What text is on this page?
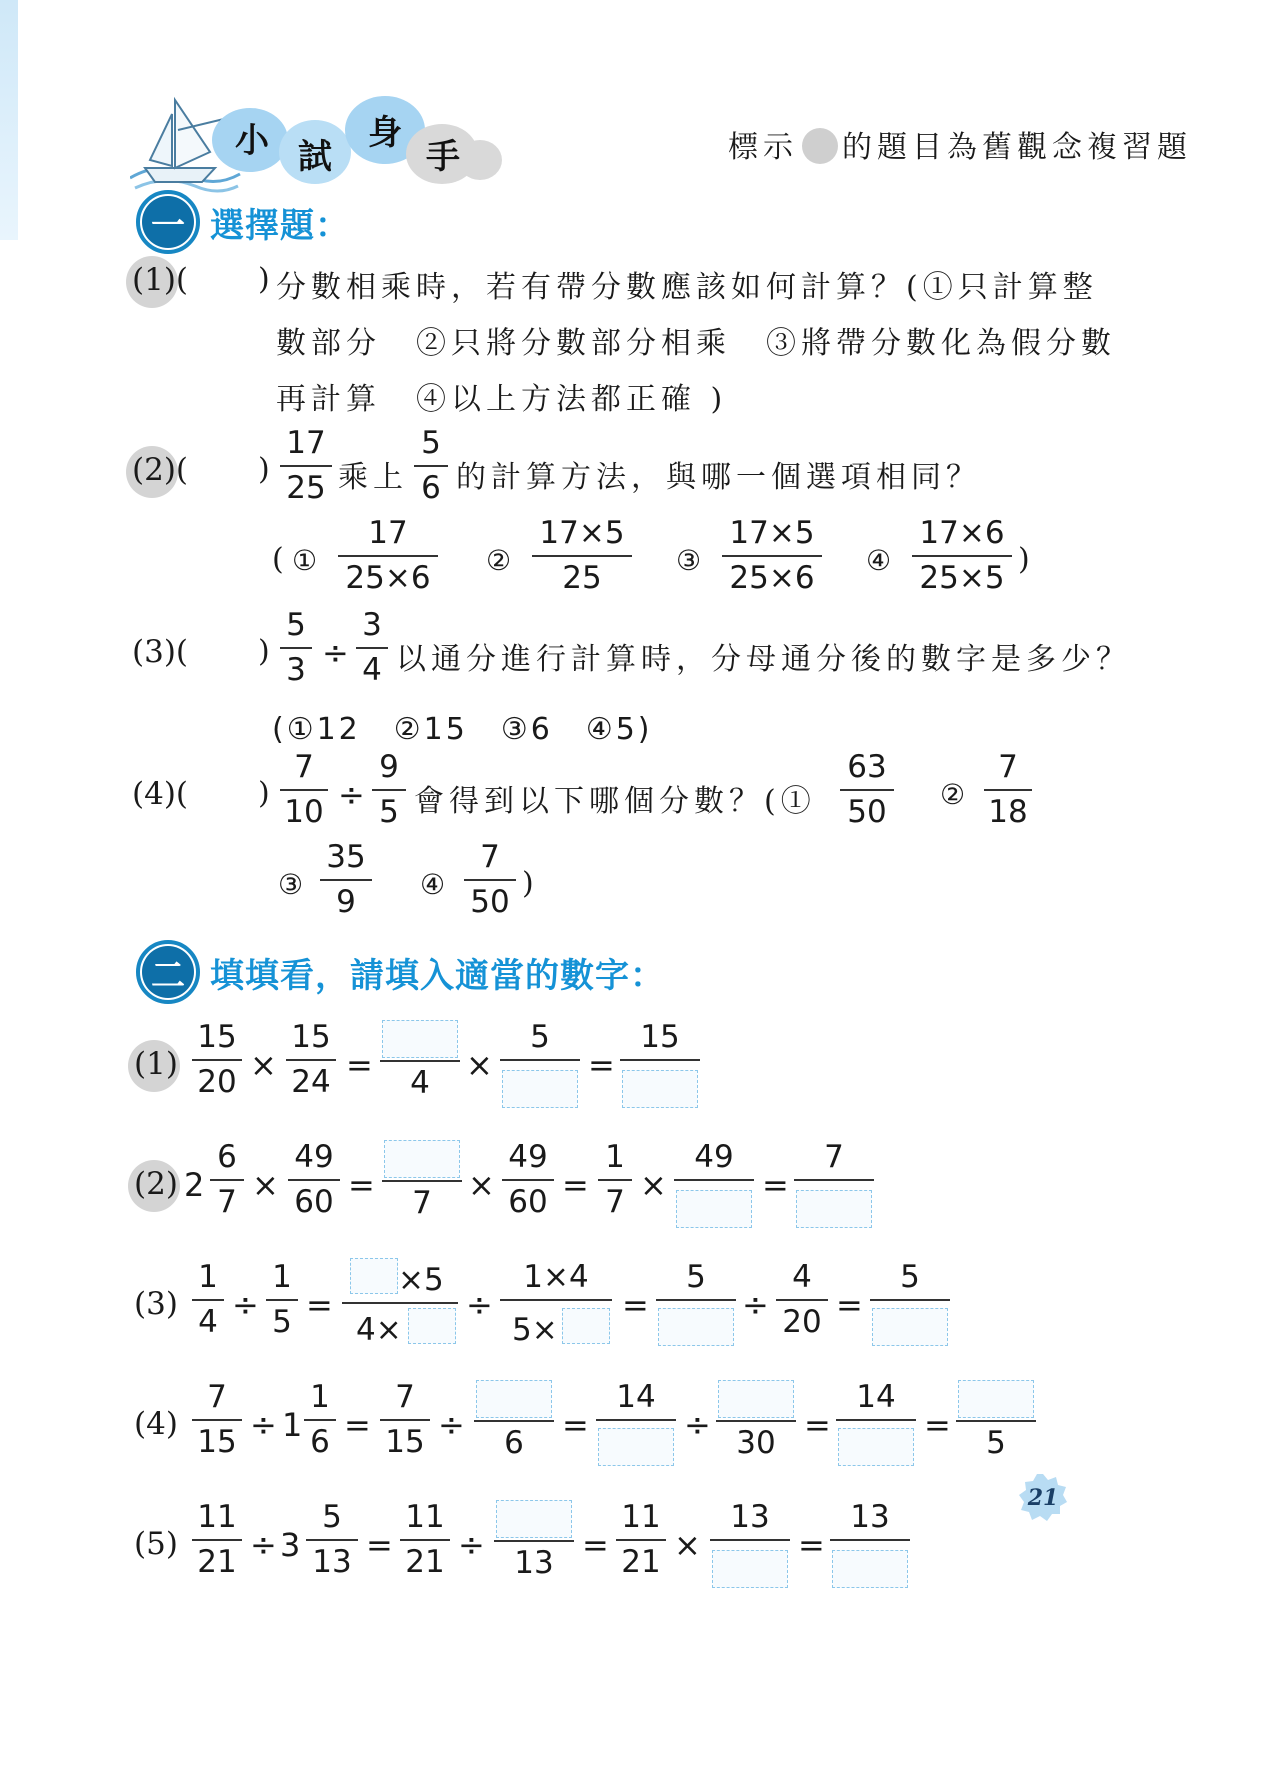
小 試
身
手	標示 的題目為舊觀念複習題
一 選擇題：
(1)( ) 分數相乘時，若有帶分數應該如何計算？(①只計算整
數部分　②只將分數部分相乘　③將帶分數化為假分數
再計算　④以上方法都正確 )
(2)( )
17
25 乘上
5
6 的計算方法，與哪一個選項相同？
( ①
17
25×6 ②
17×5
25	③
17×5
25×6 ④
17×6
25×5
)
(3)( )
5
3 ÷
3
4 以通分進行計算時，分母通分後的數字是多少？
(①12　②15　③6　④5)
(4)( )
7
10 ÷
9
5 會得到以下哪個分數？(①
63
50 ②
7
18
③
35
9 ④
7
50
)
二 填填看，請填入適當的數字：
(1)
15
20 ×
15
24 = 4 ×
5
=
15
(2) 2
6
7 ×
49
60 = 7 ×
49
60 =
1
7 ×
49
=
7
(3)
1
4 ÷
1
5 =
×5
4×
÷
1×4
5×
=
5
÷
4
20 =
5
(4)
7
15 ÷ 1
1
6 =
7
15 ÷ 6 =
14
÷ 30 =
14
= 5
(5)
11
21 ÷ 3
5
13 =
11
21 ÷ 13 =
11
21 ×
13
=
13
21
